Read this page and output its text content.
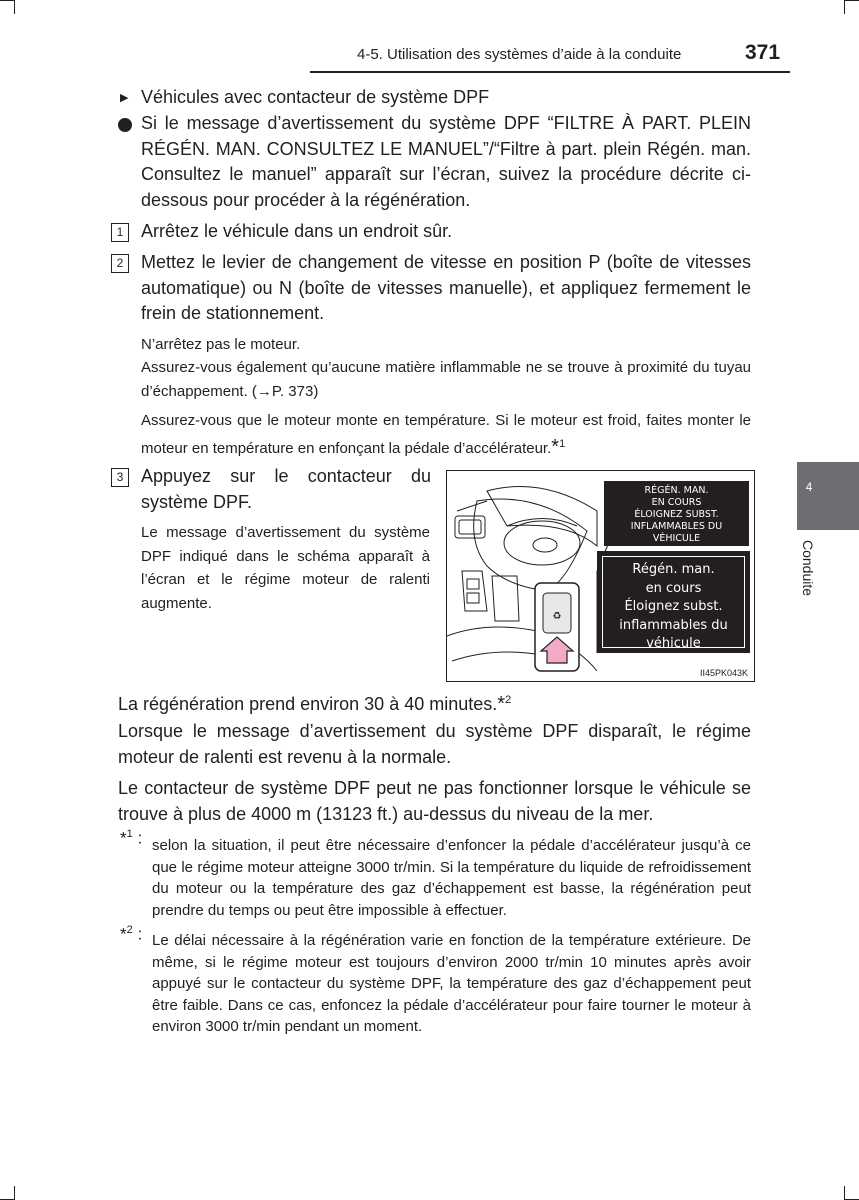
4-5. Utilisation des systèmes d’aide à la conduite	371
4
Conduite
▶ Véhicules avec contacteur de système DPF
Si le message d’avertissement du système DPF “FILTRE À PART. PLEIN RÉGÉN. MAN. CONSULTEZ LE MANUEL”/“Filtre à part. plein Régén. man. Consultez le manuel” apparaît sur l’écran, suivez la procédure décrite ci-dessous pour procéder à la régénération.
1 Arrêtez le véhicule dans un endroit sûr.
2 Mettez le levier de changement de vitesse en position P (boîte de vitesses automatique) ou N (boîte de vitesses manuelle), et appliquez fermement le frein de stationnement.
N’arrêtez pas le moteur.
Assurez-vous également qu’aucune matière inflammable ne se trouve à proximité du tuyau d’échappement. (→P. 373)
Assurez-vous que le moteur monte en température. Si le moteur est froid, faites monter le moteur en température en enfonçant la pédale d’accélérateur.*$^1$
3 Appuyez sur le contacteur du système DPF.
Le message d’avertissement du système DPF indiqué dans le schéma apparaît à l’écran et le régime moteur de ralenti augmente.
♻
RÉGÉN. MAN.
EN COURS
ÉLOIGNEZ SUBST.
INFLAMMABLES DU
VÉHICULE
Régén. man.
en cours
Éloignez subst.
inflammables du
véhicule
II45PK043K
La régénération prend environ 30 à 40 minutes.*$^2$
Lorsque le message d’avertissement du système DPF disparaît, le régime moteur de ralenti est revenu à la normale.
Le contacteur de système DPF peut ne pas fonctionner lorsque le véhicule se trouve à plus de 4000 m (13123 ft.) au-dessus du niveau de la mer.
*$^1$ : selon la situation, il peut être nécessaire d’enfoncer la pédale d’accélérateur jusqu’à ce que le régime moteur atteigne 3000 tr/min. Si la température du liquide de refroidissement du moteur ou la température des gaz d’échappement est basse, la régénération peut prendre du temps ou peut être impossible à effectuer.
*$^2$ : Le délai nécessaire à la régénération varie en fonction de la température extérieure. De même, si le régime moteur est toujours d’environ 2000 tr/min 10 minutes après avoir appuyé sur le contacteur du système DPF, la température des gaz d’échappement peut être faible. Dans ce cas, enfoncez la pédale d’accélérateur pour faire tourner le moteur à environ 3000 tr/min pendant un moment.
